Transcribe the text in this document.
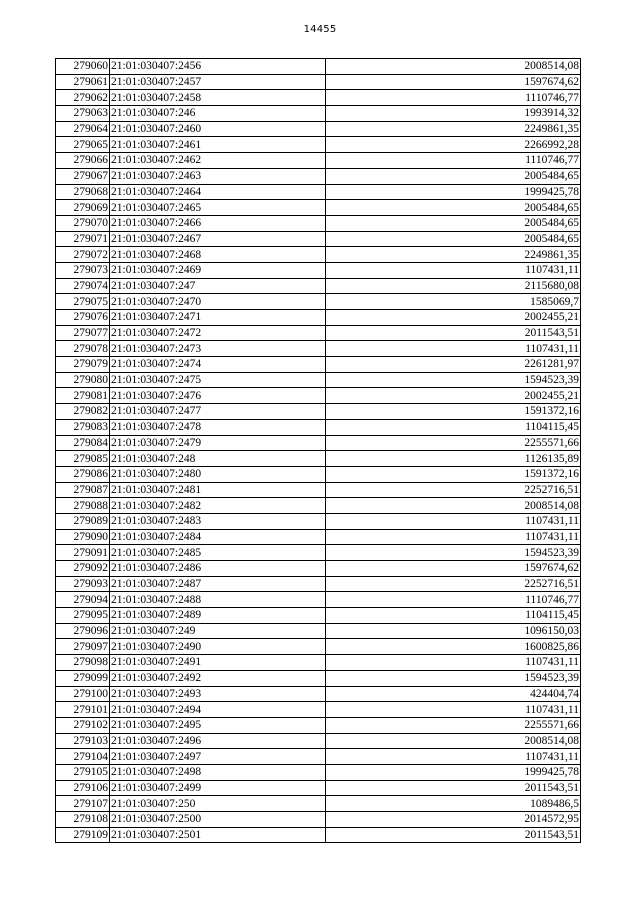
14455
279060	21:01:030407:2456	2008514,08
279061	21:01:030407:2457	1597674,62
279062	21:01:030407:2458	1110746,77
279063	21:01:030407:246	1993914,32
279064	21:01:030407:2460	2249861,35
279065	21:01:030407:2461	2266992,28
279066	21:01:030407:2462	1110746,77
279067	21:01:030407:2463	2005484,65
279068	21:01:030407:2464	1999425,78
279069	21:01:030407:2465	2005484,65
279070	21:01:030407:2466	2005484,65
279071	21:01:030407:2467	2005484,65
279072	21:01:030407:2468	2249861,35
279073	21:01:030407:2469	1107431,11
279074	21:01:030407:247	2115680,08
279075	21:01:030407:2470	1585069,7
279076	21:01:030407:2471	2002455,21
279077	21:01:030407:2472	2011543,51
279078	21:01:030407:2473	1107431,11
279079	21:01:030407:2474	2261281,97
279080	21:01:030407:2475	1594523,39
279081	21:01:030407:2476	2002455,21
279082	21:01:030407:2477	1591372,16
279083	21:01:030407:2478	1104115,45
279084	21:01:030407:2479	2255571,66
279085	21:01:030407:248	1126135,89
279086	21:01:030407:2480	1591372,16
279087	21:01:030407:2481	2252716,51
279088	21:01:030407:2482	2008514,08
279089	21:01:030407:2483	1107431,11
279090	21:01:030407:2484	1107431,11
279091	21:01:030407:2485	1594523,39
279092	21:01:030407:2486	1597674,62
279093	21:01:030407:2487	2252716,51
279094	21:01:030407:2488	1110746,77
279095	21:01:030407:2489	1104115,45
279096	21:01:030407:249	1096150,03
279097	21:01:030407:2490	1600825,86
279098	21:01:030407:2491	1107431,11
279099	21:01:030407:2492	1594523,39
279100	21:01:030407:2493	424404,74
279101	21:01:030407:2494	1107431,11
279102	21:01:030407:2495	2255571,66
279103	21:01:030407:2496	2008514,08
279104	21:01:030407:2497	1107431,11
279105	21:01:030407:2498	1999425,78
279106	21:01:030407:2499	2011543,51
279107	21:01:030407:250	1089486,5
279108	21:01:030407:2500	2014572,95
279109	21:01:030407:2501	2011543,51
